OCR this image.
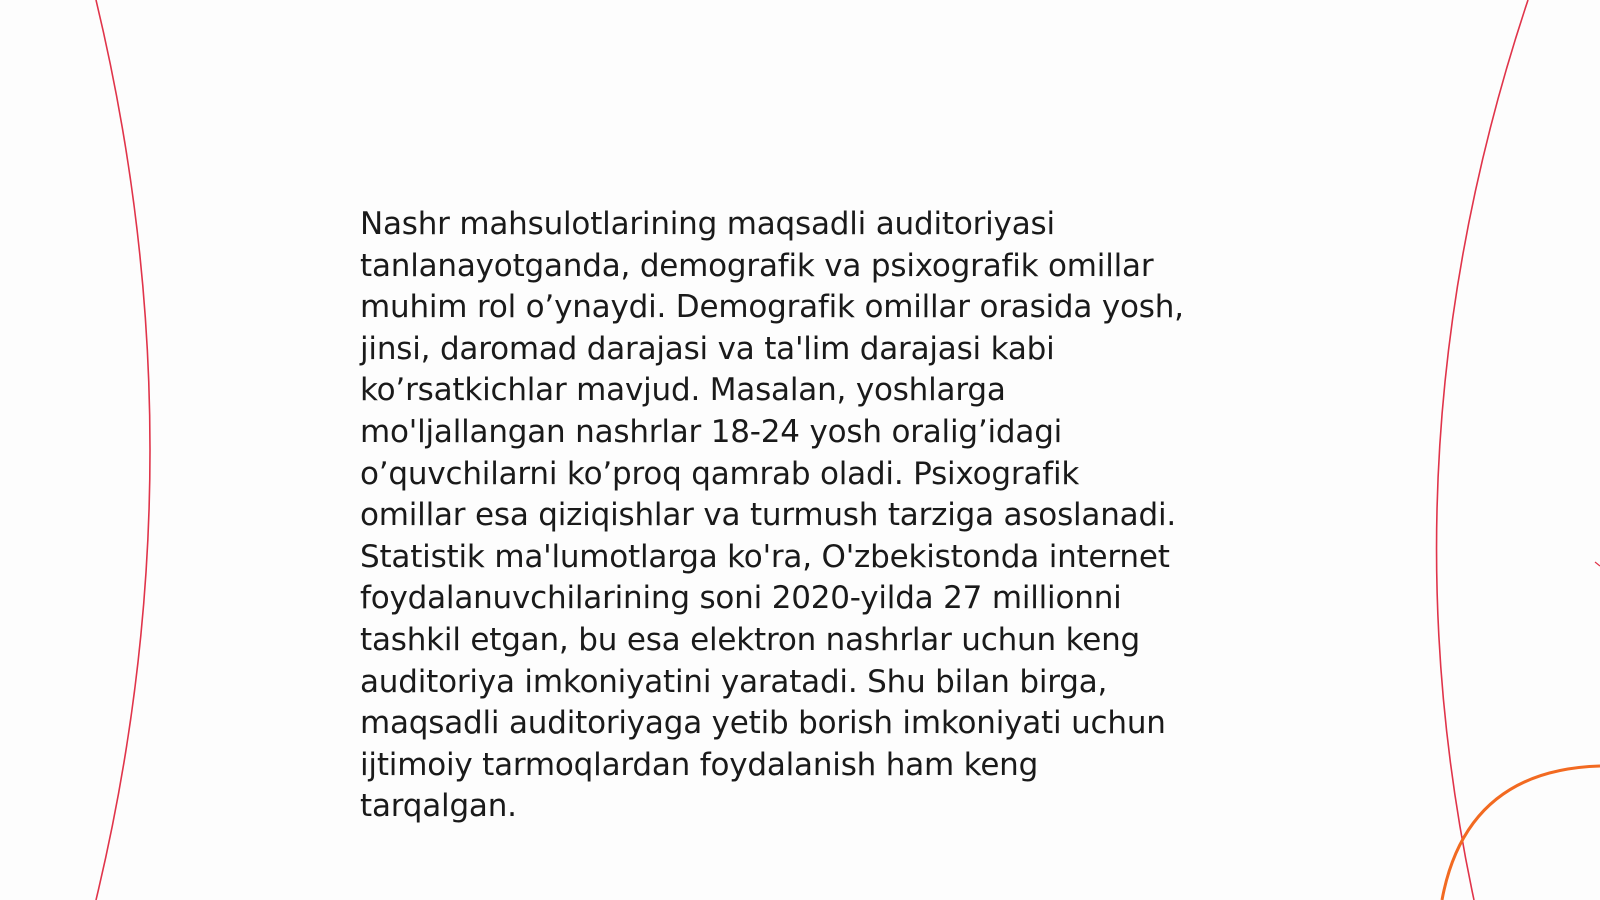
Nashr mahsulotlarining maqsadli auditoriyasi
tanlanayotganda, demografik va psixografik omillar
muhim rol o’ynaydi. Demografik omillar orasida yosh,
jinsi, daromad darajasi va ta'lim darajasi kabi
ko’rsatkichlar mavjud. Masalan, yoshlarga
mo'ljallangan nashrlar 18-24 yosh oralig’idagi
o’quvchilarni ko’proq qamrab oladi. Psixografik
omillar esa qiziqishlar va turmush tarziga asoslanadi.
Statistik ma'lumotlarga ko'ra, O'zbekistonda internet
foydalanuvchilarining soni 2020-yilda 27 millionni
tashkil etgan, bu esa elektron nashrlar uchun keng
auditoriya imkoniyatini yaratadi. Shu bilan birga,
maqsadli auditoriyaga yetib borish imkoniyati uchun
ijtimoiy tarmoqlardan foydalanish ham keng
tarqalgan.
